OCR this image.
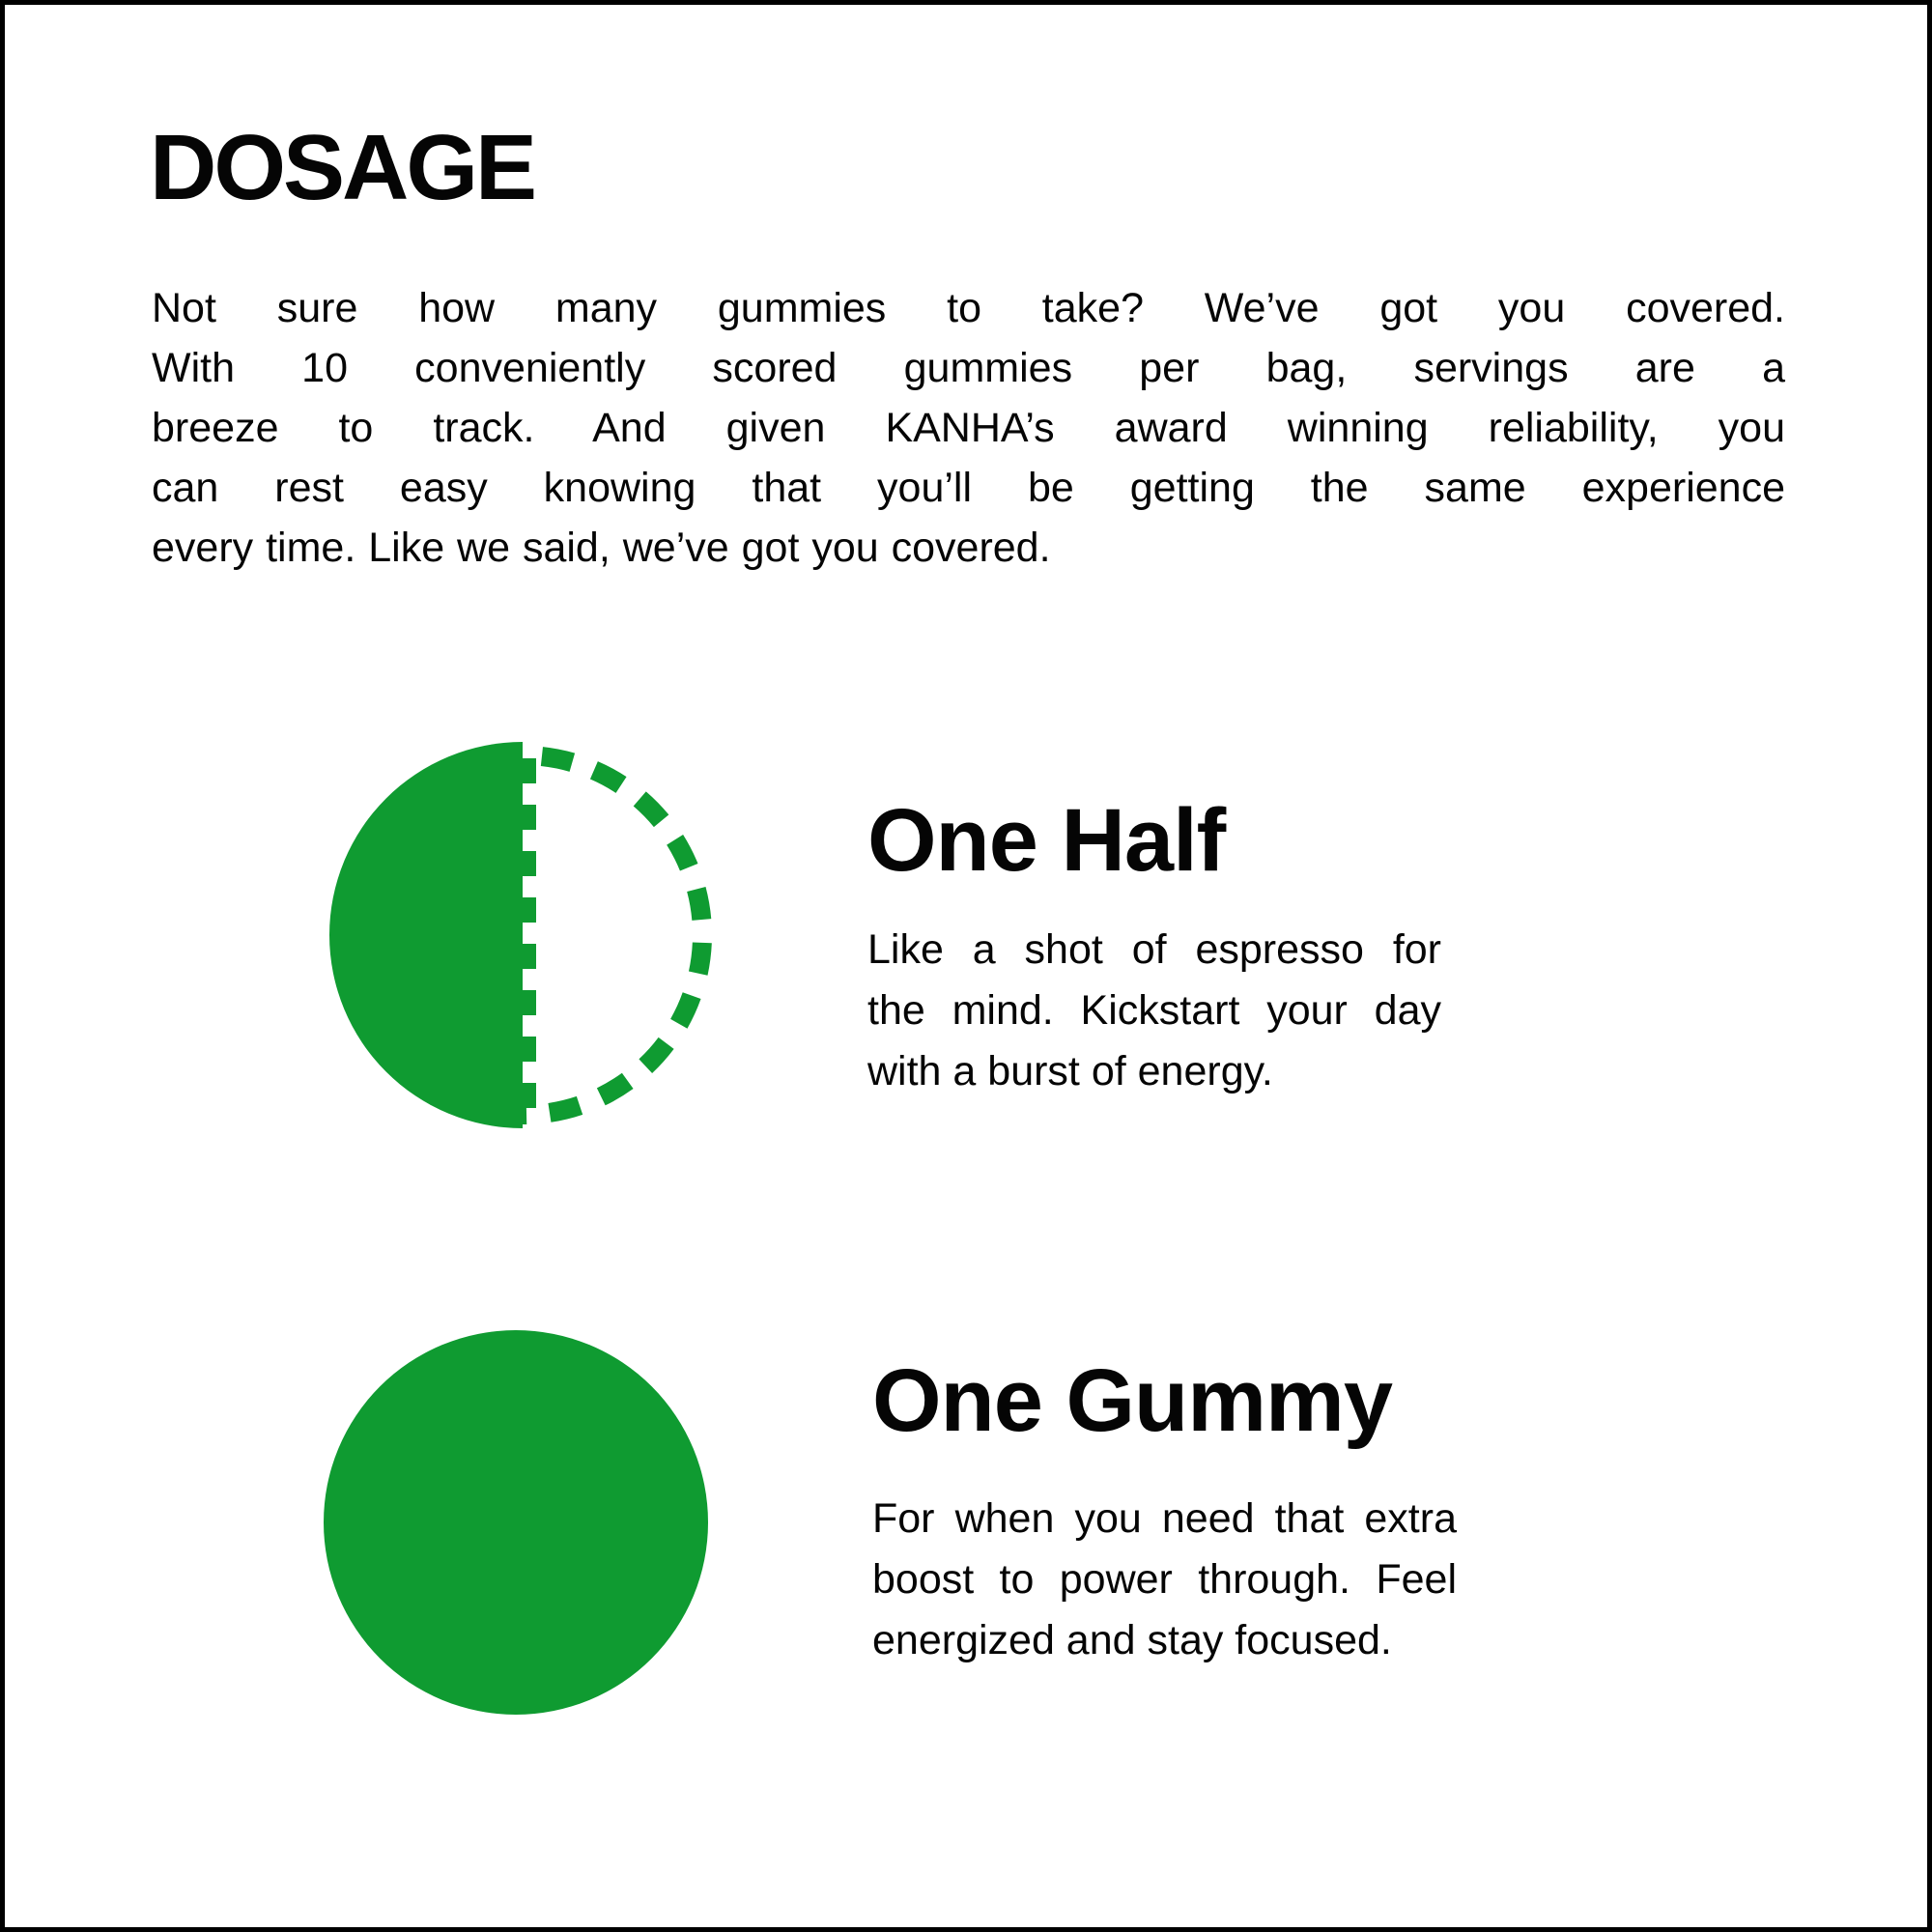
DOSAGE

Not sure how many gummies to take? We’ve got you covered.
With 10 conveniently scored gummies per bag, servings are a
breeze to track. And given KANHA’s award winning reliability, you
can rest easy knowing that you’ll be getting the same experience
every time. Like we said, we’ve got you covered.

One Half

Like a shot of espresso for
the mind. Kickstart your day
with a burst of energy.

One Gummy

For when you need that extra
boost to power through. Feel
energized and stay focused.
